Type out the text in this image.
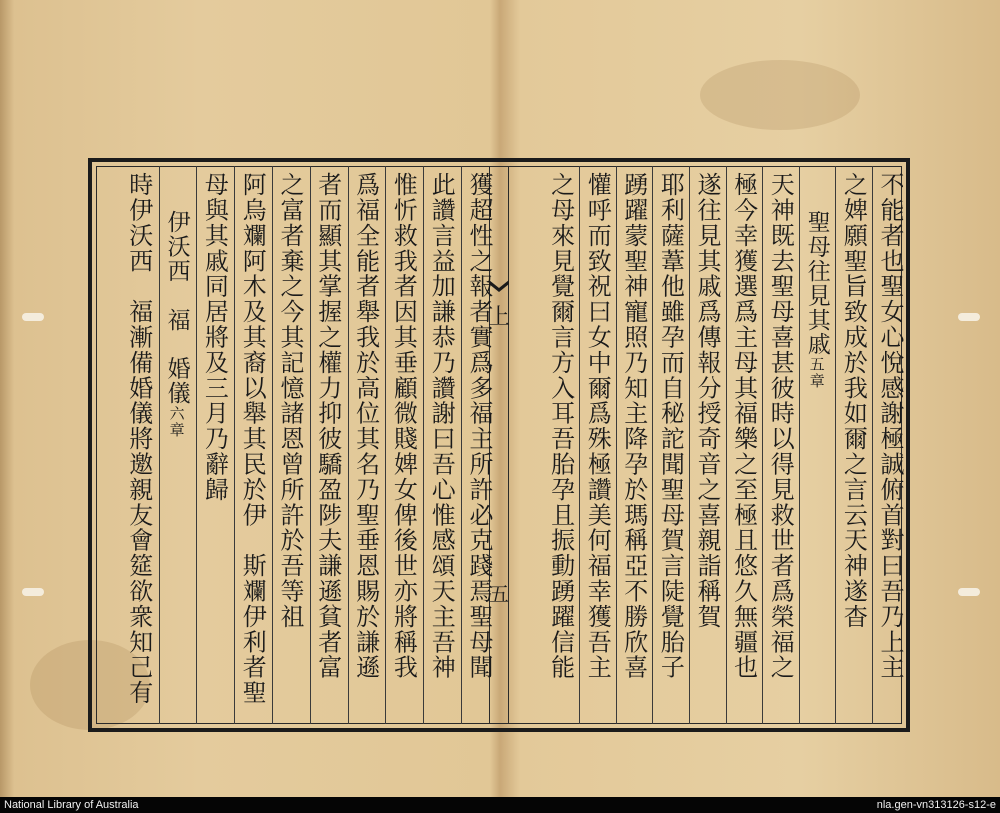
上
五	不能者也聖女心悅感謝極誠俯首對曰吾乃上主
之婢願聖旨致成於我如爾之言云天神遂杳
聖母往見其戚五章
天神既去聖母喜甚彼時以得見救世者爲榮福之
極今幸獲選爲主母其福樂之至極且悠久無疆也
遂往見其戚爲傳報分授奇音之喜親詣稱賀
耶利薩葦他雖孕而自秘詑聞聖母賀言陡覺胎子
踴躍蒙聖神寵照乃知主降孕於瑪稱亞不勝欣喜
懽呼而致祝曰女中爾爲殊極讚美何福幸獲吾主
之母來見覺爾言方入耳吾胎孕且振動踴躍信能
獲超性之報者實爲多福主所許必克踐焉聖母聞
此讚言益加謙恭乃讚謝曰吾心惟感頌天主吾神
惟忻救我者因其垂顧微賤婢女俾後世亦將稱我
爲福全能者舉我於高位其名乃聖垂恩賜於謙遜
者而顯其掌握之權力抑彼驕盈陟夫謙遜貧者富
之富者棄之今其記憶諸恩曾所許於吾等祖
阿烏斕阿木及其裔以舉其民於伊　斯斕伊利者聖
母與其戚同居將及三月乃辭歸
伊沃西　福　婚儀六章
時伊沃西　福漸備婚儀將邀親友會筵欲衆知己有
National Library of Australia	nla.gen-vn313126-s12-e
